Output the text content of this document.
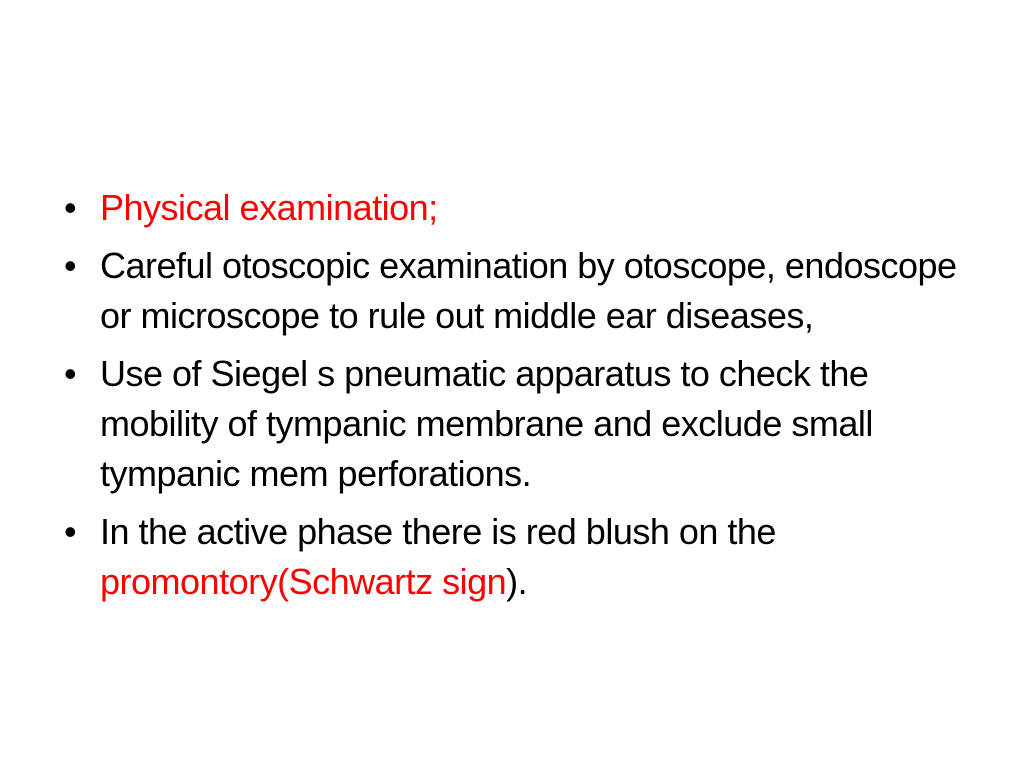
• Physical examination;
• Careful otoscopic examination by otoscope, endoscope or microscope to rule out middle ear diseases,
• Use of Siegel s pneumatic apparatus to check the mobility of tympanic membrane and exclude small tympanic mem perforations.
• In the active phase there is red blush on the promontory(Schwartz sign).
